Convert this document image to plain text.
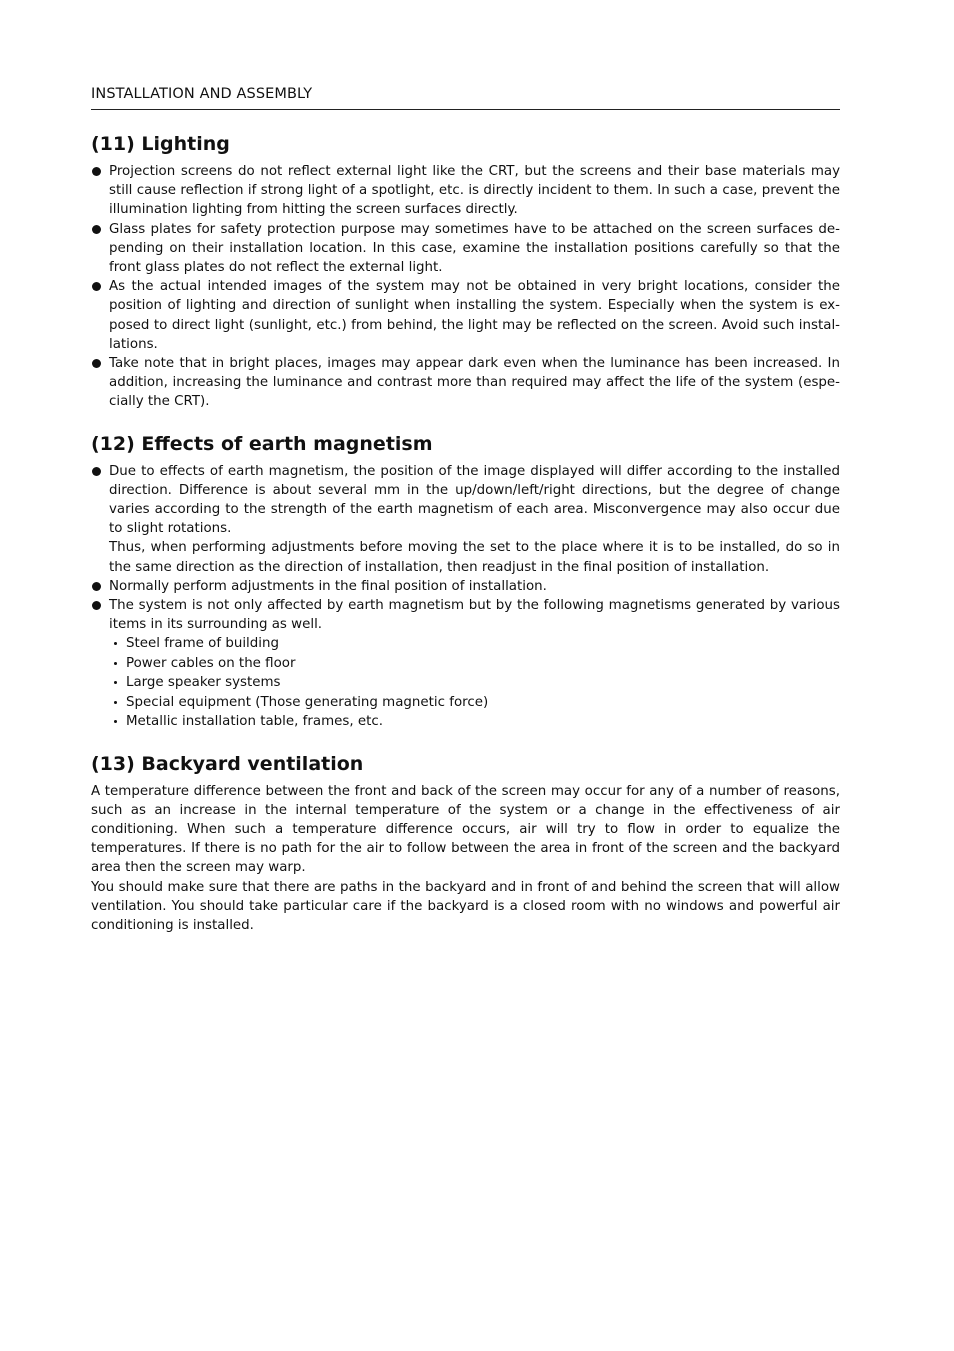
INSTALLATION AND ASSEMBLY
(11) Lighting

Projection screens do not reflect external light like the CRT, but the screens and their base materials may still cause reflection if strong light of a spotlight, etc. is directly incident to them. In such a case, prevent the illumination lighting from hitting the screen surfaces directly.

Glass plates for safety protection purpose may sometimes have to be attached on the screen surfaces de-pending on their installation location. In this case, examine the installation positions carefully so that the front glass plates do not reflect the external light.

As the actual intended images of the system may not be obtained in very bright locations, consider the position of lighting and direction of sunlight when installing the system. Especially when the system is ex-posed to direct light (sunlight, etc.) from behind, the light may be reflected on the screen. Avoid such instal-lations.

Take note that in bright places, images may appear dark even when the luminance has been increased. In addition, increasing the luminance and contrast more than required may affect the life of the system (espe-cially the CRT).

(12) Effects of earth magnetism

Due to effects of earth magnetism, the position of the image displayed will differ according to the installed direction. Difference is about several mm in the up/down/left/right directions, but the degree of change varies according to the strength of the earth magnetism of each area. Misconvergence may also occur due to slight rotations.

Thus, when performing adjustments before moving the set to the place where it is to be installed, do so in the same direction as the direction of installation, then readjust in the final position of installation.

Normally perform adjustments in the final position of installation.

The system is not only affected by earth magnetism but by the following magnetisms generated by various items in its surrounding as well.

Steel frame of building
Power cables on the floor
Large speaker systems
Special equipment (Those generating magnetic force)
Metallic installation table, frames, etc.
(13) Backyard ventilation

A temperature difference between the front and back of the screen may occur for any of a number of reasons, such as an increase in the internal temperature of the system or a change in the effectiveness of air conditioning. When such a temperature difference occurs, air will try to flow in order to equalize the temperatures. If there is no path for the air to follow between the area in front of the screen and the backyard area then the screen may warp.

You should make sure that there are paths in the backyard and in front of and behind the screen that will allow ventilation. You should take particular care if the backyard is a closed room with no windows and powerful air conditioning is installed.
